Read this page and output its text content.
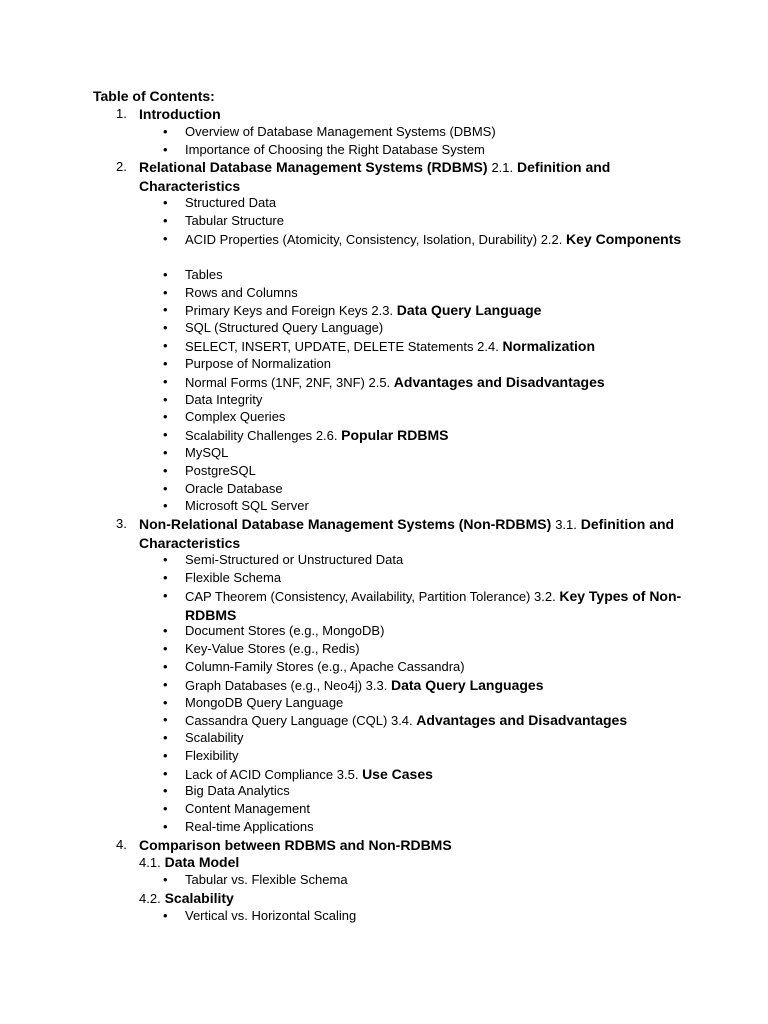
Table of Contents:
1. Introduction
• Overview of Database Management Systems (DBMS)
• Importance of Choosing the Right Database System
2. Relational Database Management Systems (RDBMS) 2.1. Definition and Characteristics
• Structured Data
• Tabular Structure
• ACID Properties (Atomicity, Consistency, Isolation, Durability) 2.2. Key Components
• Tables
• Rows and Columns
• Primary Keys and Foreign Keys 2.3. Data Query Language
• SQL (Structured Query Language)
• SELECT, INSERT, UPDATE, DELETE Statements 2.4. Normalization
• Purpose of Normalization
• Normal Forms (1NF, 2NF, 3NF) 2.5. Advantages and Disadvantages
• Data Integrity
• Complex Queries
• Scalability Challenges 2.6. Popular RDBMS
• MySQL
• PostgreSQL
• Oracle Database
• Microsoft SQL Server
3. Non-Relational Database Management Systems (Non-RDBMS) 3.1. Definition and Characteristics
• Semi-Structured or Unstructured Data
• Flexible Schema
• CAP Theorem (Consistency, Availability, Partition Tolerance) 3.2. Key Types of Non-RDBMS
• Document Stores (e.g., MongoDB)
• Key-Value Stores (e.g., Redis)
• Column-Family Stores (e.g., Apache Cassandra)
• Graph Databases (e.g., Neo4j) 3.3. Data Query Languages
• MongoDB Query Language
• Cassandra Query Language (CQL) 3.4. Advantages and Disadvantages
• Scalability
• Flexibility
• Lack of ACID Compliance 3.5. Use Cases
• Big Data Analytics
• Content Management
• Real-time Applications
4. Comparison between RDBMS and Non-RDBMS
4.1. Data Model
• Tabular vs. Flexible Schema
4.2. Scalability
• Vertical vs. Horizontal Scaling
